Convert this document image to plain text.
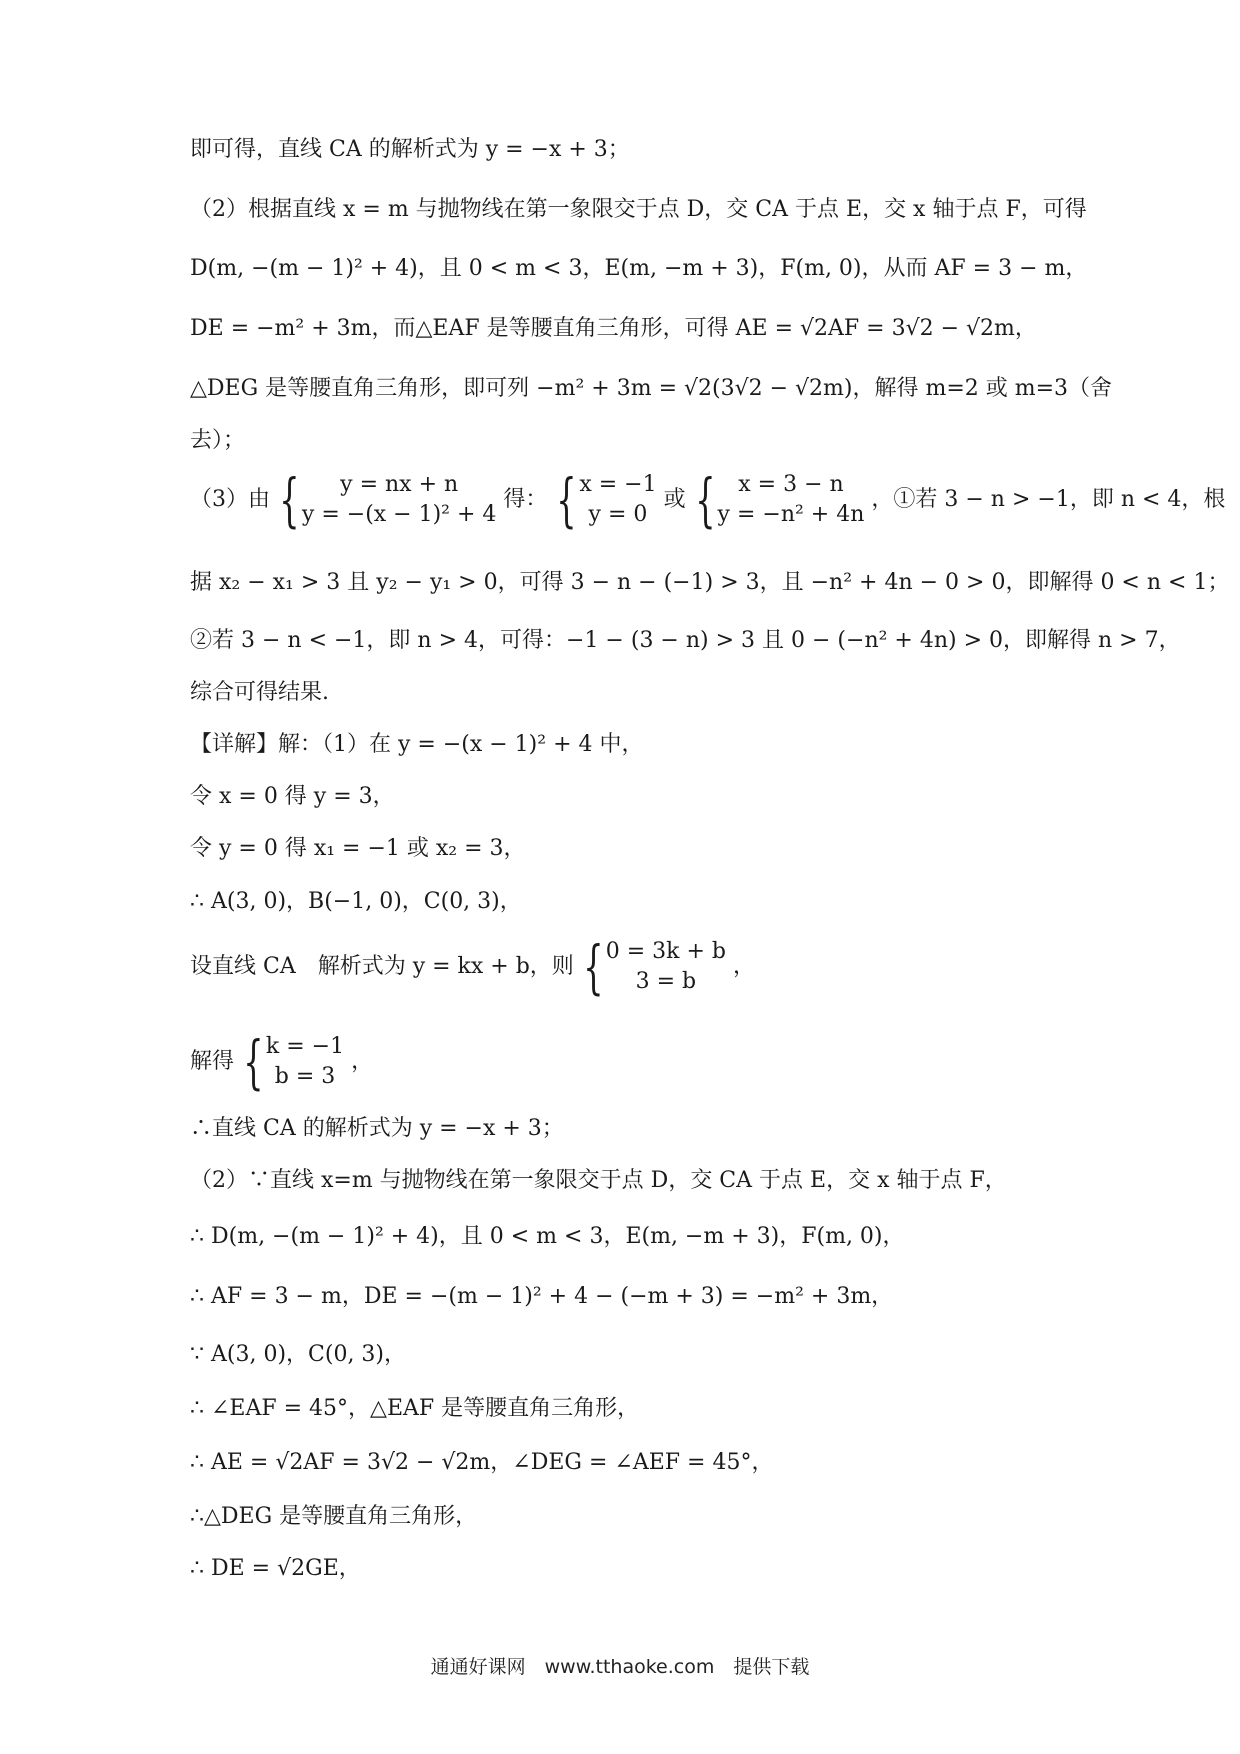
即可得，直线 CA 的解析式为 y = −x + 3；
（2）根据直线 x = m 与抛物线在第一象限交于点 D，交 CA 于点 E，交 x 轴于点 F，可得
D(m, −(m − 1)² + 4)，且 0 < m < 3，E(m, −m + 3)，F(m, 0)，从而 AF = 3 − m，
DE = −m² + 3m，而△EAF 是等腰直角三角形，可得 AE = √2AF = 3√2 − √2m，
△DEG 是等腰直角三角形，即可列 −m² + 3m = √2(3√2 − √2m)，解得 m=2 或 m=3（舍
去）；
（3）由 {	y = nx + n
y = −(x − 1)² + 4
得： { x = −1
y = 0
或 {	x = 3 − n
y = −n² + 4n
，①若 3 − n > −1，即 n < 4，根
据 x₂ − x₁ > 3 且 y₂ − y₁ > 0，可得 3 − n − (−1) > 3，且 −n² + 4n − 0 > 0，即解得 0 < n < 1；
②若 3 − n < −1，即 n > 4，可得：−1 − (3 − n) > 3 且 0 − (−n² + 4n) > 0，即解得 n > 7，
综合可得结果.
【详解】解：（1）在 y = −(x − 1)² + 4 中，
令 x = 0 得 y = 3，
令 y = 0 得 x₁ = −1 或 x₂ = 3，
∴ A(3, 0)，B(−1, 0)，C(0, 3)，
设直线 CA　解析式为 y = kx + b，则 { 0 = 3k + b
3 = b
，
解得 { k = −1
b = 3
，
∴直线 CA 的解析式为 y = −x + 3；
（2）∵直线 x=m 与抛物线在第一象限交于点 D，交 CA 于点 E，交 x 轴于点 F，
∴ D(m, −(m − 1)² + 4)，且 0 < m < 3，E(m, −m + 3)，F(m, 0)，
∴ AF = 3 − m，DE = −(m − 1)² + 4 − (−m + 3) = −m² + 3m，
∵ A(3, 0)，C(0, 3)，
∴ ∠EAF = 45°，△EAF 是等腰直角三角形，
∴ AE = √2AF = 3√2 − √2m，∠DEG = ∠AEF = 45°，
∴△DEG 是等腰直角三角形，
∴ DE = √2GE，
通通好课网　www.tthaoke.com　提供下载
